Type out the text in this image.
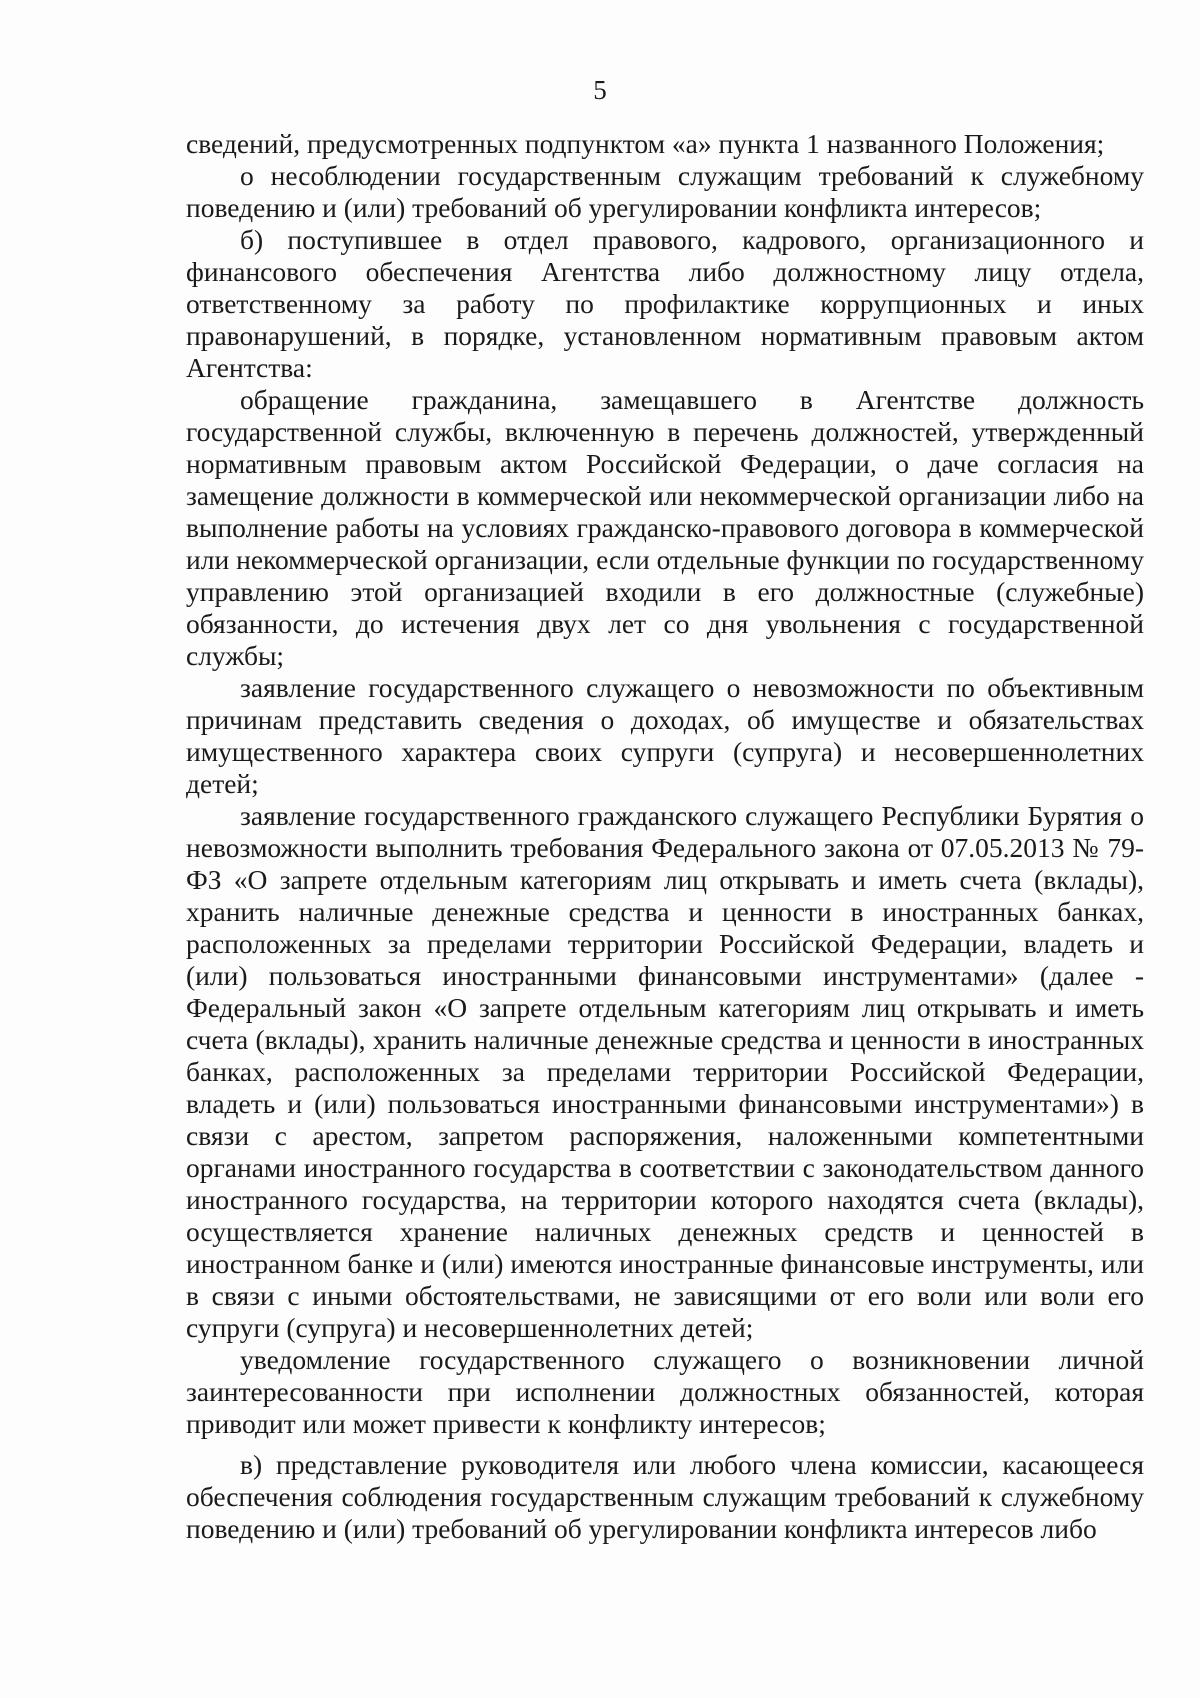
5

сведений, предусмотренных подпунктом «а» пункта 1 названного Положения;

о несоблюдении государственным служащим требований к служебному поведению и (или) требований об урегулировании конфликта интересов;

б) поступившее в отдел правового, кадрового, организационного и финансового обеспечения Агентства либо должностному лицу отдела, ответственному за работу по профилактике коррупционных и иных правонарушений, в порядке, установленном нормативным правовым актом Агентства:

обращение гражданина, замещавшего в Агентстве должность государственной службы, включенную в перечень должностей, утвержденный нормативным правовым актом Российской Федерации, о даче согласия на замещение должности в коммерческой или некоммерческой организации либо на выполнение работы на условиях гражданско-правового договора в коммерческой или некоммерческой организации, если отдельные функции по государственному управлению этой организацией входили в его должностные (служебные) обязанности, до истечения двух лет со дня увольнения с государственной службы;

заявление государственного служащего о невозможности по объективным причинам представить сведения о доходах, об имуществе и обязательствах имущественного характера своих супруги (супруга) и несовершеннолетних детей;

заявление государственного гражданского служащего Республики Бурятия о невозможности выполнить требования Федерального закона от 07.05.2013 № 79-ФЗ «О запрете отдельным категориям лиц открывать и иметь счета (вклады), хранить наличные денежные средства и ценности в иностранных банках, расположенных за пределами территории Российской Федерации, владеть и (или) пользоваться иностранными финансовыми инструментами» (далее - Федеральный закон «О запрете отдельным категориям лиц открывать и иметь счета (вклады), хранить наличные денежные средства и ценности в иностранных банках, расположенных за пределами территории Российской Федерации, владеть и (или) пользоваться иностранными финансовыми инструментами») в связи с арестом, запретом распоряжения, наложенными компетентными органами иностранного государства в соответствии с законодательством данного иностранного государства, на территории которого находятся счета (вклады), осуществляется хранение наличных денежных средств и ценностей в иностранном банке и (или) имеются иностранные финансовые инструменты, или в связи с иными обстоятельствами, не зависящими от его воли или воли его супруги (супруга) и несовершеннолетних детей;

уведомление государственного служащего о возникновении личной заинтересованности при исполнении должностных обязанностей, которая приводит или может привести к конфликту интересов;

в) представление руководителя или любого члена комиссии, касающееся обеспечения соблюдения государственным служащим требований к служебному поведению и (или) требований об урегулировании конфликта интересов либо
